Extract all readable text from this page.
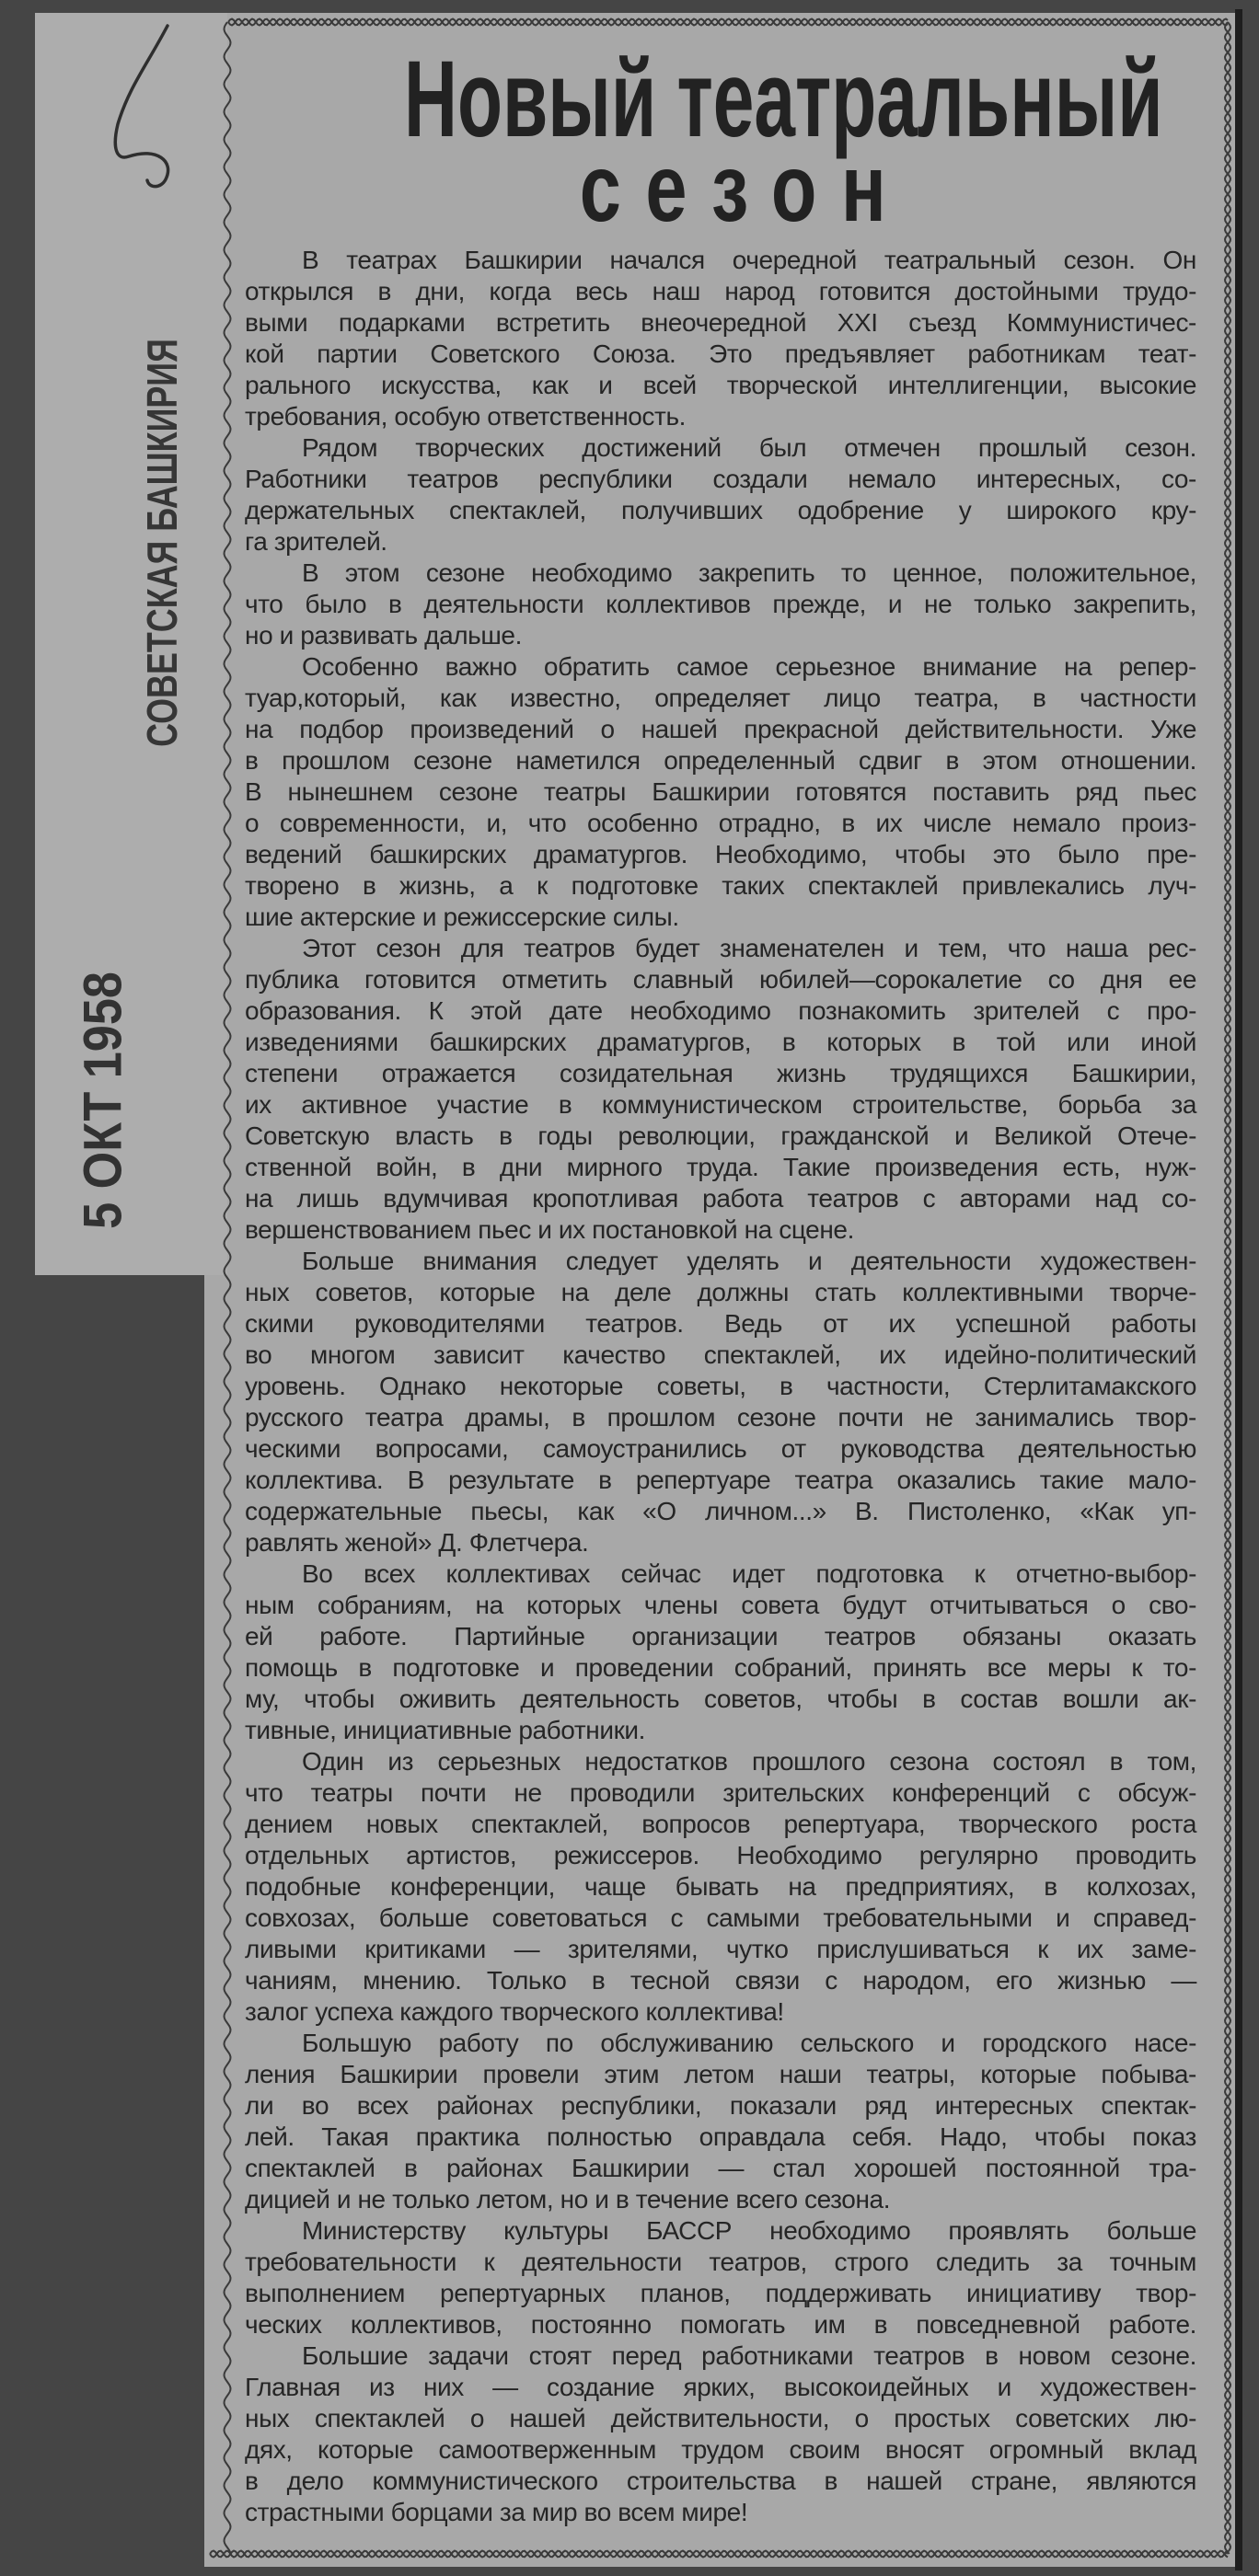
СОВЕТСКАЯ БАШКИРИЯ
5 ОКТ 1958
Новый театральный
сезон
В театрах Башкирии начался очередной театральный сезон. Он
открылся в дни, когда весь наш народ готовится достойными трудо-
выми подарками встретить внеочередной XXI съезд Коммунистичес-
кой партии Советского Союза. Это предъявляет работникам теат-
рального искусства, как и всей творческой интеллигенции, высокие
требования, особую ответственность.
Рядом творческих достижений был отмечен прошлый сезон.
Работники театров республики создали немало интересных, со-
держательных спектаклей, получивших одобрение у широкого кру-
га зрителей.
В этом сезоне необходимо закрепить то ценное, положительное,
что было в деятельности коллективов прежде, и не только закрепить,
но и развивать дальше.
Особенно важно обратить самое серьезное внимание на репер-
туар,который, как известно, определяет лицо театра, в частности
на подбор произведений о нашей прекрасной действительности. Уже
в прошлом сезоне наметился определенный сдвиг в этом отношении.
В нынешнем сезоне театры Башкирии готовятся поставить ряд пьес
о современности, и, что особенно отрадно, в их числе немало произ-
ведений башкирских драматургов. Необходимо, чтобы это было пре-
творено в жизнь, а к подготовке таких спектаклей привлекались луч-
шие актерские и режиссерские силы.
Этот сезон для театров будет знаменателен и тем, что наша рес-
публика готовится отметить славный юбилей—сорокалетие со дня ее
образования. К этой дате необходимо познакомить зрителей с про-
изведениями башкирских драматургов, в которых в той или иной
степени отражается созидательная жизнь трудящихся Башкирии,
их активное участие в коммунистическом строительстве, борьба за
Советскую власть в годы революции, гражданской и Великой Отече-
ственной войн, в дни мирного труда. Такие произведения есть, нуж-
на лишь вдумчивая кропотливая работа театров с авторами над со-
вершенствованием пьес и их постановкой на сцене.
Больше внимания следует уделять и деятельности художествен-
ных советов, которые на деле должны стать коллективными творче-
скими руководителями театров. Ведь от их успешной работы
во многом зависит качество спектаклей, их идейно-политический
уровень. Однако некоторые советы, в частности, Стерлитамакского
русского театра драмы, в прошлом сезоне почти не занимались твор-
ческими вопросами, самоустранились от руководства деятельностью
коллектива. В результате в репертуаре театра оказались такие мало-
содержательные пьесы, как «О личном...» В. Пистоленко, «Как уп-
равлять женой» Д. Флетчера.
Во всех коллективах сейчас идет подготовка к отчетно-выбор-
ным собраниям, на которых члены совета будут отчитываться о сво-
ей работе. Партийные организации театров обязаны оказать
помощь в подготовке и проведении собраний, принять все меры к то-
му, чтобы оживить деятельность советов, чтобы в состав вошли ак-
тивные, инициативные работники.
Один из серьезных недостатков прошлого сезона состоял в том,
что театры почти не проводили зрительских конференций с обсуж-
дением новых спектаклей, вопросов репертуара, творческого роста
отдельных артистов, режиссеров. Необходимо регулярно проводить
подобные конференции, чаще бывать на предприятиях, в колхозах,
совхозах, больше советоваться с самыми требовательными и справед-
ливыми критиками — зрителями, чутко прислушиваться к их заме-
чаниям, мнению. Только в тесной связи с народом, его жизнью —
залог успеха каждого творческого коллектива!
Большую работу по обслуживанию сельского и городского насе-
ления Башкирии провели этим летом наши театры, которые побыва-
ли во всех районах республики, показали ряд интересных спектак-
лей. Такая практика полностью оправдала себя. Надо, чтобы показ
спектаклей в районах Башкирии — стал хорошей постоянной тра-
дицией и не только летом, но и в течение всего сезона.
Министерству культуры БАССР необходимо проявлять больше
требовательности к деятельности театров, строго следить за точным
выполнением репертуарных планов, поддерживать инициативу твор-
ческих коллективов, постоянно помогать им в повседневной работе.
Большие задачи стоят перед работниками театров в новом сезоне.
Главная из них — создание ярких, высокоидейных и художествен-
ных спектаклей о нашей действительности, о простых советских лю-
дях, которые самоотверженным трудом своим вносят огромный вклад
в дело коммунистического строительства в нашей стране, являются
страстными борцами за мир во всем мире!
